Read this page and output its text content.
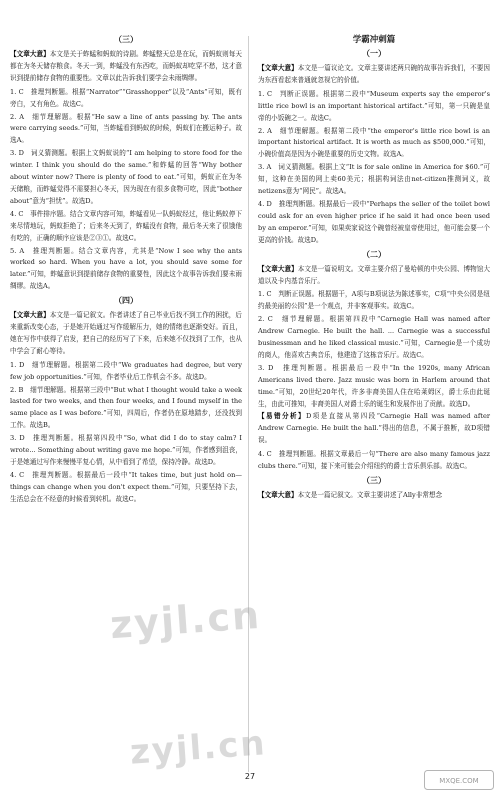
（三）

【文章大意】本文是关于蚱蜢和蚂蚁的诗剧。蚱蜢整天总是在玩，而蚂蚁则每天都在为冬天储存粮食。冬天一到，蚱蜢没有东西吃，而蚂蚁却吃穿不愁，这才意识到提前储存食物的重要性。文章以此告诉我们要学会未雨绸缪。

1. C　推理判断题。根据“Narrator”“Grasshopper”以及“Ants”可知，既有旁白，又有角色。故选C。

2. A　细节理解题。根据“He saw a line of ants passing by. The ants were carrying seeds.”可知，当蚱蜢看到蚂蚁的时候，蚂蚁们在搬运种子。故选A。

3. D　词义猜测题。根据上文蚂蚁说的“I am helping to store food for the winter. I think you should do the same.”和蚱蜢的回答“Why bother about winter now? There is plenty of food to eat.”可知，蚂蚁正在为冬天储粮，而蚱蜢觉得不需要担心冬天，因为现在有很多食物可吃，因此“bother about”意为“担忧”。故选D。

4. C　事件排序题。结合文章内容可知，蚱蜢看见一队蚂蚁经过，他让蚂蚁停下来尽情地玩，蚂蚁拒绝了；后来冬天到了，蚱蜢没有食物，最后冬天来了很饿他有吃的，正确的顺序应该是②③①。故选C。

5. A　推理判断题。结合文章内容，尤其是“Now I see why the ants worked so hard. When you have a lot, you should save some for later.”可知，蚱蜢意识到提前储存食物的重要性，因此这个故事告诉我们要未雨绸缪。故选A。

（四）

【文章大意】本文是一篇记叙文。作者讲述了自己毕业后找不到工作的困扰，后来重新改变心态，于是她开始通过写作缓解压力，她的情绪也逐渐变好。而且，她在写作中获得了启发，把自己的经历写了下来，后来她不仅找到了工作，也从中学会了耐心等待。

1. D　细节理解题。根据第二段中“We graduates had degree, but very few job opportunities.”可知，作者毕业后工作机会不多。故选D。

2. B　细节理解题。根据第三段中“But what I thought would take a week lasted for two weeks, and then four weeks, and I found myself in the same place as I was before.”可知，四周后，作者仍在原地踏步，还没找到工作。故选B。

3. D　推理判断题。根据第四段中“So, what did I do to stay calm? I wrote... Something about writing gave me hope.”可知，作者感到沮丧，于是她通过写作来慢慢平复心情，从中看到了希望，保持冷静。故选D。

4. C　推理判断题。根据最后一段中“It takes time, but just hold on—things can change when you don't expect them.”可知，只要坚持下去，生活总会在不经意的时候看到转机。故选C。

学霸冲刺篇
（一）

【文章大意】本文是一篇议论文。文章主要讲述两只碗的故事告诉我们，不要因为东西看起来普通就忽视它的价值。

1. C　判断正误题。根据第二段中“Museum experts say the emperor's little rice bowl is an important historical artifact.”可知，第一只碗是皇帝的小饭碗之一。故选C。

2. A　细节理解题。根据第二段中“the emperor's little rice bowl is an important historical artifact. It is worth as much as $500,000.”可知，小碗价值高是因为小碗是重要的历史文物。故选A。

3. A　词义猜测题。根据上文“It is for sale online in America for $60.”可知，这种在美国的网上卖60美元；根据构词法由net-citizen推测词义，故netizens意为“网民”。故选A。

4. D　推理判断题。根据最后一段中“Perhaps the seller of the toilet bowl could ask for an even higher price if he said it had once been used by an emperor.”可知，如果卖家说这个碗曾经被皇帝使用过，他可能会要一个更高的价钱。故选D。

（二）

【文章大意】本文是一篇说明文。文章主要介绍了曼哈顿的中央公园、博物馆大道以及卡内基音乐厅。

1. C　判断正误题。根据题干，A项与B项说法为陈述事实，C项“中央公园是纽约最美丽的公园”是一个观点，并非客观事实。故选C。

2. C　细节理解题。根据第四段中“Carnegie Hall was named after Andrew Carnegie. He built the hall. ... Carnegie was a successful businessman and he liked classical music.”可知，Carnegie是一个成功的商人，他喜欢古典音乐，他建造了这栋音乐厅。故选C。

3. D　推理判断题。根据最后一段中“In the 1920s, many African Americans lived there. Jazz music was born in Harlem around that time.”可知，20世纪20年代，许多非裔美国人住在哈莱姆区，爵士乐由此诞生，由此可推知，非裔美国人对爵士乐的诞生和发展作出了贡献。故选D。

【易错分析】D项是直接从第四段“Carnegie Hall was named after Andrew Carnegie. He built the hall.”得出的信息，不属于推断，故D项错误。

4. C　推理判断题。根据文章最后一句“There are also many famous jazz clubs there.”可知，接下来可能会介绍纽约的爵士音乐俱乐部。故选C。

（三）

【文章大意】本文是一篇记叙文。文章主要讲述了Ally非常想念

zyjl.cn
zyjl.cn
27	MXQE.COM
